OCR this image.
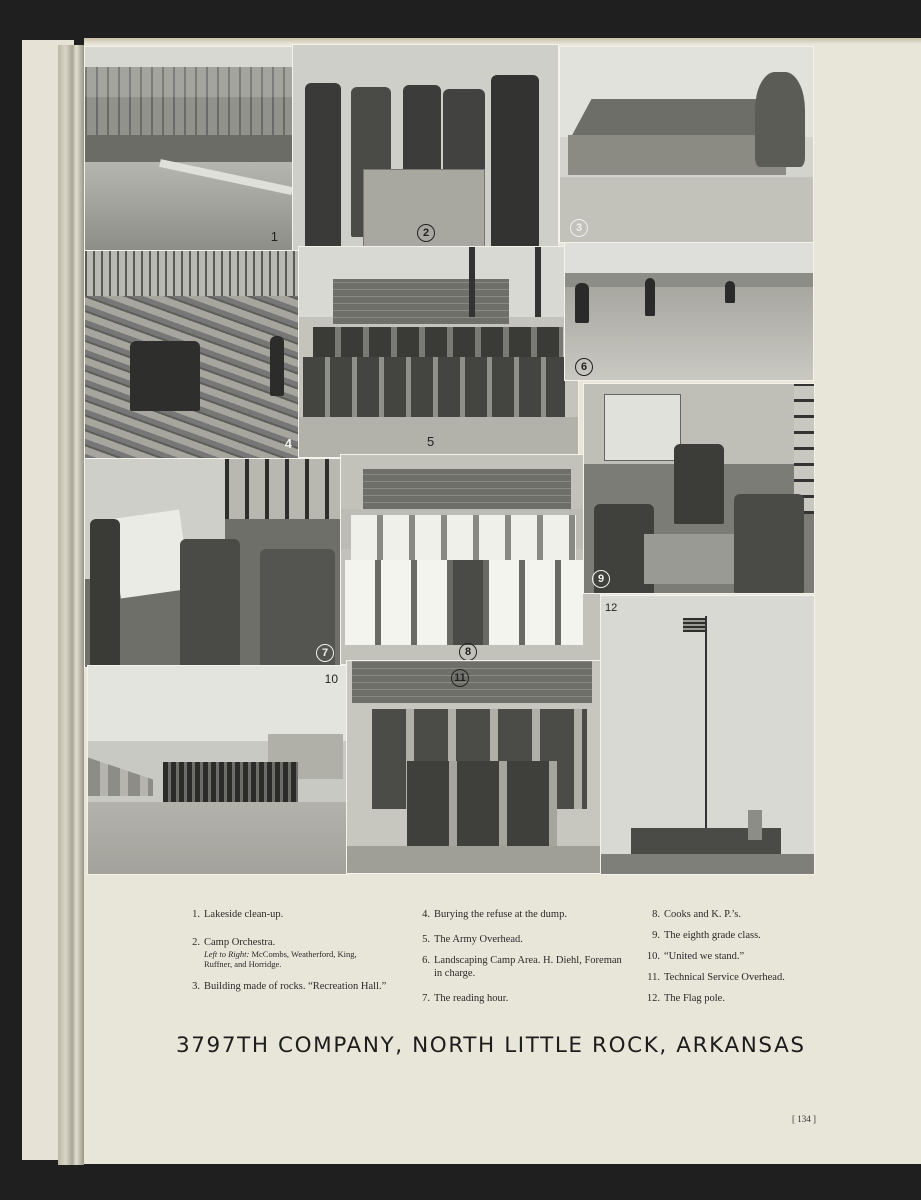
1	2	3
4	5
6
7	8
9
10	11
12
1. Lakeside clean-up.
2. Camp Orchestra.
Left to Right: McCombs, Weatherford, King, Ruffner, and Horridge.
3. Building made of rocks. “Recreation Hall.”
4. Burying the refuse at the dump.
5. The Army Overhead.
6. Landscaping Camp Area. H. Diehl, Foreman in charge.
7. The reading hour.
8. Cooks and K. P.’s.
9. The eighth grade class.
10. “United we stand.”
11. Technical Service Overhead.
12. The Flag pole.
3797TH COMPANY, NORTH LITTLE ROCK, ARKANSAS
[ 134 ]
